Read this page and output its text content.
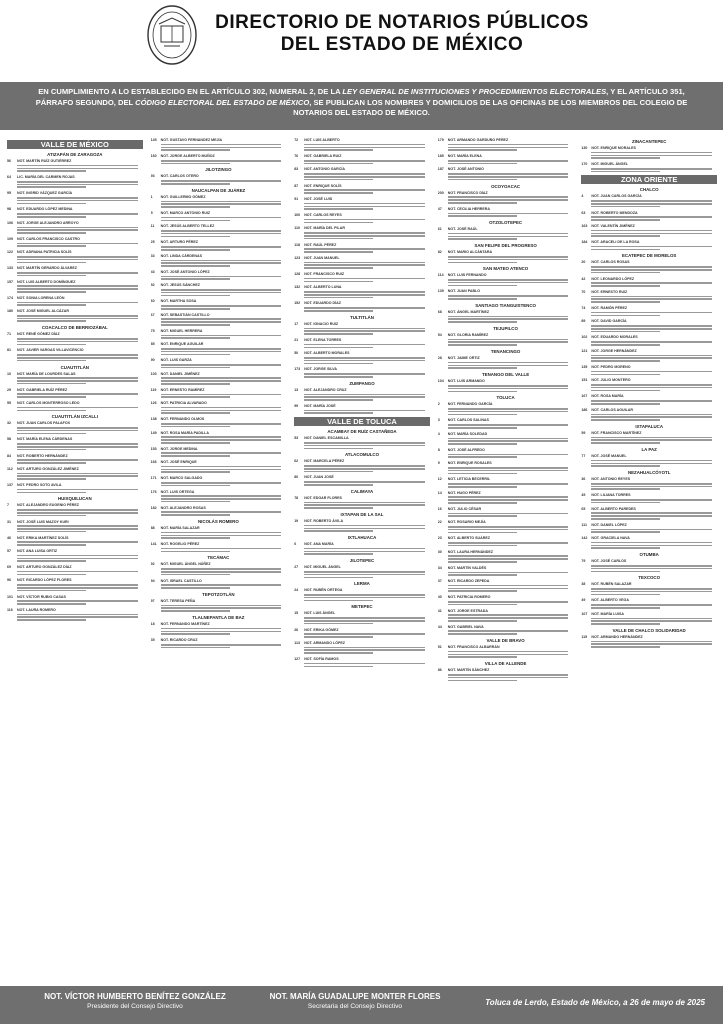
DIRECTORIO DE NOTARIOS PÚBLICOS
DEL ESTADO DE MÉXICO
EN CUMPLIMIENTO A LO ESTABLECIDO EN EL ARTÍCULO 302, NUMERAL 2, DE LA LEY GENERAL DE INSTITUCIONES Y PROCEDIMIENTOS ELECTORALES, Y EL ARTÍCULO 351,
PÁRRAFO SEGUNDO, DEL CÓDIGO ELECTORAL DEL ESTADO DE MÉXICO, SE PUBLICAN LOS NOMBRES Y DOMICILIOS DE LAS OFICINAS DE LOS MIEMBROS DEL COLEGIO DE
NOTARIOS DEL ESTADO DE MÉXICO.
VALLE DE MÉXICO
ATIZAPÁN DE ZARAGOZA
56	NOT. MARTÍN RUÍZ GUTIÉRREZ
64	LIC. MARÍA DEL CARMEN ROJAS
95	NOT. INGRID VÁZQUEZ GARCÍA
98	NOT. EDUARDO LÓPEZ MEDINA
106	NOT. JORGE ALEJANDRO ARROYO
109	NOT. CARLOS FRANCISCO CASTRO
122	NOT. ADRIANA PATRICIA SOLÍS
133	NOT. MARTÍN GERARDO ÁLVAREZ
157	NOT. LUIS ALBERTO DOMÍNGUEZ
174	NOT. SONIA LORENA LEÓN
180	NOT. JOSÉ MIGUEL ALCÁZAR
COACALCO DE BERRIOZÁBAL
71	NOT. RENÉ GÓMEZ DÍAZ
81	NOT. JAVIER VARGAS VILLAVICENCIO
CUAUTITLÁN
10	NOT. MARÍA DE LOURDES SALAS
29	NOT. GABRIELA RUÍZ PÉREZ
55	NOT. CARLOS MONTERROSO LEDO
CUAUTITLÁN IZCALLI
32	NOT. JUAN CARLOS PALAFOX
58	NOT. MARÍA ELENA CÁRDENAS
84	NOT. ROBERTO HERNÁNDEZ
112	NOT. ARTURO GONZÁLEZ JIMÉNEZ
137	NOT. PEDRO SOTO AVILA
HUIXQUILUCAN
7	NOT. ALEJANDRO EUGENIO PÉREZ
31	NOT. JOSÉ LUIS MAZOY KURI
46	NOT. ERIKA MARTÍNEZ SOLÍS
57	NOT. ANA LUISA ORTIZ
69	NOT. ARTURO GONZÁLEZ DÍAZ
96	NOT. RICARDO LÓPEZ FLORES
101	NOT. VÍCTOR RUBIO CASAS
116	NOT. LAURA ROMERO
145	NOT. GUSTAVO FERNÁNDEZ MEJÍA
160	NOT. JORGE ALBERTO MUÑOZ
JILOTZINGO
93	NOT. CARLOS OTERO
NAUCALPAN DE JUÁREZ
1	NOT. GUILLERMO GÓMEZ
5	NOT. MARCO ANTONIO RUIZ
11	NOT. JESÚS ALBERTO TELLEZ
25	NOT. ARTURO PÉREZ
33	NOT. LINDA CÁRDENAS
43	NOT. JOSÉ ANTONIO LÓPEZ
52	NOT. JESÚS SÁNCHEZ
60	NOT. MARTHA SOSA
67	NOT. SEBASTIÁN CASTILLO
75	NOT. MIGUEL HERRERA
85	NOT. ENRIQUE AGUILAR
90	NOT. LUIS GARZA
103	NOT. DANIEL JIMÉNEZ
119	NOT. ERNESTO RAMÍREZ
126	NOT. PATRICIA ALVARADO
138	NOT. FERNANDO OLMOS
149	NOT. ROSA MARÍA PADILLA
153	NOT. JORGE MEDINA
166	NOT. JOSÉ ENRIQUE
171	NOT. MARCO SALGADO
176	NOT. LUIS ORTEGA
182	NOT. ALEJANDRO ROSAS
NICOLÁS ROMERO
88	NOT. MARÍA SALAZAR
141	NOT. ROGELIO PÉREZ
TECÁMAC
92	NOT. MIGUEL ÁNGEL NÚÑEZ
94	NOT. ISRAEL CASTILLO
TEPOTZOTLÁN
97	NOT. TERESA PEÑA
TLALNEPANTLA DE BAZ
18	NOT. FERNANDO MARTÍNEZ
35	NOT. RICARDO CRUZ
72	NOT. LUIS ALBERTO
76	NOT. GABRIELA RUIZ
83	NOT. ANTONIO GARCÍA
87	NOT. ENRIQUE SOLÍS
91	NOT. JOSÉ LUIS
100	NOT. CARLOS REYES
110	NOT. MARÍA DEL PILAR
118	NOT. RAÚL PÉREZ
123	NOT. JUAN MANUEL
128	NOT. FRANCISCO RUIZ
132	NOT. ALBERTO LUNA
152	NOT. EDUARDO DÍAZ
TULTITLÁN
17	NOT. IGNACIO RUIZ
21	NOT. ELENA TORRES
50	NOT. ALBERTO MORALES
173	NOT. JORGE SILVA
ZUMPANGO
13	NOT. ALEJANDRO CRUZ
99	NOT. MARÍA JOSÉ
VALLE DE TOLUCA
ACAMBAY DE RUÍZ CASTAÑEDA
53	NOT. DANIEL ESCAMILLA
ATLACOMULCO
62	NOT. MARCELA PÉREZ
80	NOT. JUAN JOSÉ
CALIMAYA
78	NOT. EDGAR FLORES
IXTAPAN DE LA SAL
19	NOT. ROBERTO ÁVILA
IXTLAHUACA
6	NOT. ANA MARÍA
JILOTEPEC
27	NOT. MIGUEL ÁNGEL
LERMA
24	NOT. RUBÉN ORTEGA
METEPEC
15	NOT. LUIS ÁNGEL
26	NOT. ERIKA GÓMEZ
113	NOT. ARMANDO LÓPEZ
127	NOT. SOFÍA RAMOS
179	NOT. ARMANDO GARDUÑO PÉREZ
185	NOT. MARÍA ELENA
187	NOT. JOSÉ ANTONIO
OCOYOACAC
200	NOT. FRANCISCO DÍAZ
47	NOT. CECILIA HERRERA
OTZOLOTEPEC
61	NOT. JOSÉ RAÚL
SAN FELIPE DEL PROGRESO
82	NOT. MARIO ALCÁNTARA
SAN MATEO ATENCO
114	NOT. LUIS FERNANDO
139	NOT. JUAN PABLO
SANTIAGO TIANGUISTENCO
68	NOT. ÁNGEL MARTÍNEZ
TEJUPILCO
54	NOT. GLORIA RAMÍREZ
TENANCINGO
28	NOT. JAIME ORTIZ
TENANGO DEL VALLE
104	NOT. LUIS ARMANDO
TOLUCA
2	NOT. FERNANDO GARCÍA
3	NOT. CARLOS SALINAS
4	NOT. MARÍA SOLEDAD
8	NOT. JOSÉ ALFREDO
9	NOT. ENRIQUE ROSALES
12	NOT. LETICIA BECERRIL
14	NOT. HUGO PÉREZ
16	NOT. JULIO CÉSAR
22	NOT. ROSARIO MEJÍA
23	NOT. ALBERTO SUÁREZ
30	NOT. LAURA HERNÁNDEZ
34	NOT. MARTÍN VALDÉS
37	NOT. RICARDO ZEPEDA
40	NOT. PATRICIA ROMERO
41	NOT. JORGE ESTRADA
44	NOT. GABRIEL NAVA
VALLE DE BRAVO
51	NOT. FRANCISCO ALBARRÁN
VILLA DE ALLENDE
86	NOT. MARTÍN SÁNCHEZ
ZINACANTEPEC
130	NOT. ENRIQUE MORALES
170	NOT. MIGUEL ÁNGEL
ZONA ORIENTE
CHALCO
4	NOT. JUAN CARLOS GARCÍA
63	NOT. ROBERTO MENDOZA
163	NOT. VALENTÍN JIMÉNEZ
184	NOT. ARACELI DE LA ROSA
ECATEPEC DE MORELOS
20	NOT. CARLOS ROSAS
42	NOT. LEONARDO LÓPEZ
70	NOT. ERNESTO RUIZ
74	NOT. RAMÓN PÉREZ
89	NOT. DAVID GARCÍA
102	NOT. EDUARDO MORALES
121	NOT. JORGE HERNÁNDEZ
135	NOT. PEDRO MORENO
151	NOT. JULIO MONTERO
167	NOT. ROSA MARÍA
186	NOT. CARLOS AGUILAR
IXTAPALUCA
59	NOT. FRANCISCO MARTÍNEZ
LA PAZ
77	NOT. JOSÉ MANUEL
NEZAHUALCÓYOTL
36	NOT. ANTONIO REYES
45	NOT. LILIANA TORRES
65	NOT. ALBERTO PAREDES
111	NOT. DANIEL LÓPEZ
142	NOT. GRACIELA NAVA
OTUMBA
79	NOT. JOSÉ CARLOS
TEXCOCO
38	NOT. RUBÉN SALAZAR
49	NOT. ALBERTO VEGA
107	NOT. MARÍA LUISA
VALLE DE CHALCO SOLIDARIDAD
115	NOT. ARMANDO HERNÁNDEZ
NOT. VÍCTOR HUMBERTO BENÍTEZ GONZÁLEZ
Presidente del Consejo Directivo
NOT. MARÍA GUADALUPE MONTER FLORES
Secretaria del Consejo Directivo	Toluca de Lerdo, Estado de México, a 26 de mayo de 2025
